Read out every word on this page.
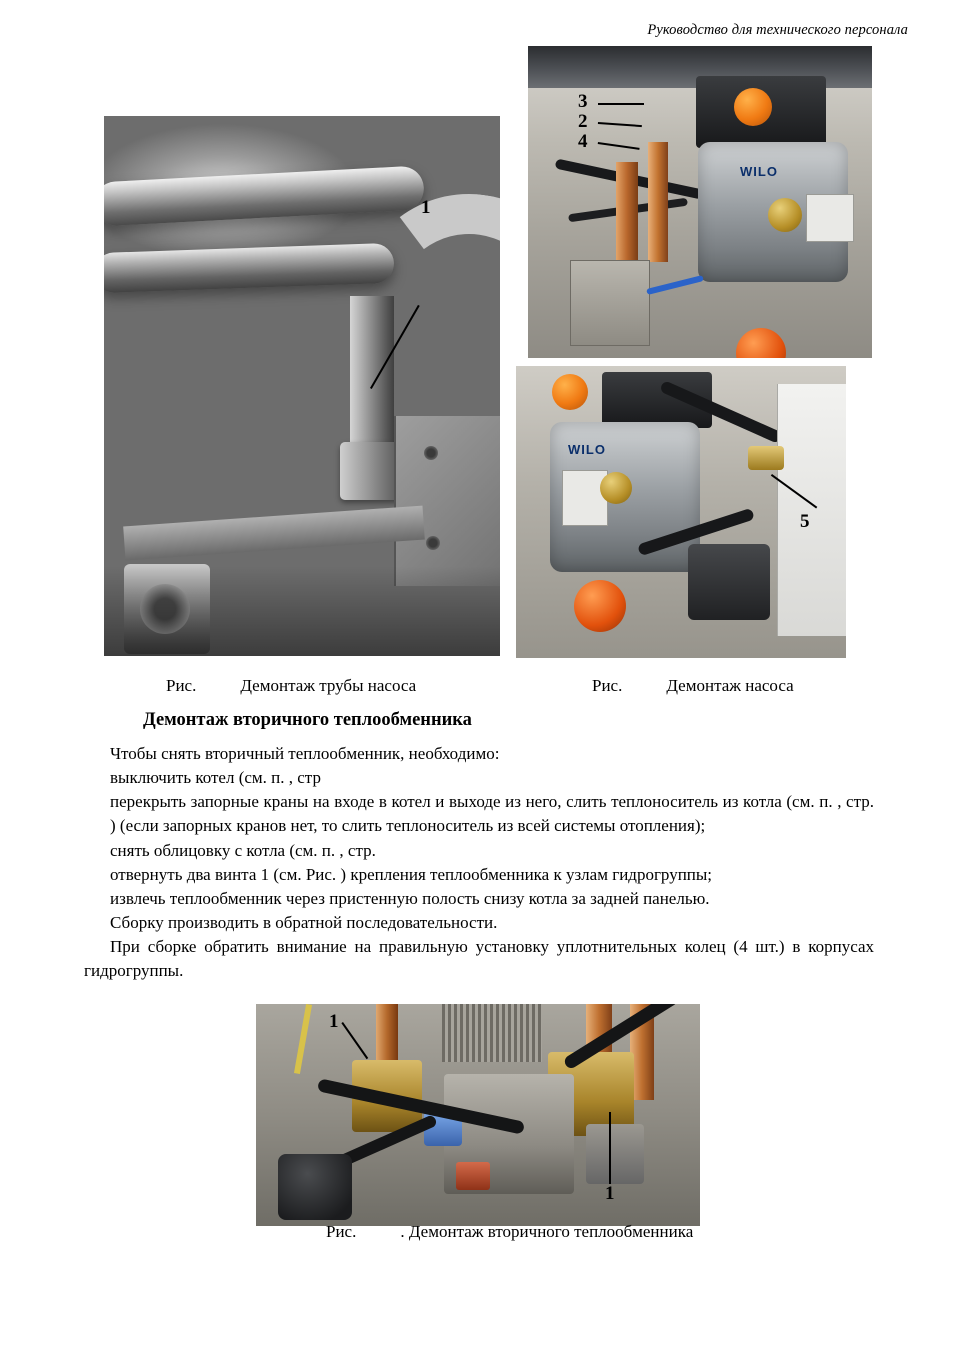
Руководство для технического персонала
1
WILO
3
2
4
WILO
5
Рис.	Демонтаж трубы насоса	Рис.	Демонтаж насоса
Демонтаж вторичного теплообменника

Чтобы снять вторичный теплообменник, необходимо:

выключить котел (см. п. , стр

перекрыть запорные краны на входе в котел и выходе из него, слить теплоноситель из котла (см. п. , стр. ) (если запорных кранов нет, то слить теплоноситель из всей системы отопления);

снять облицовку с котла (см. п. , стр.

отвернуть два винта 1 (см. Рис. ) крепления теплообменника к узлам гидрогруппы;

извлечь теплообменник через пристенную полость снизу котла за задней панелью.

Сборку производить в обратной последовательности.

При сборке обратить внимание на правильную установку уплотнительных колец (4 шт.) в корпусах гидрогруппы.

1
1
Рис.	. Демонтаж вторичного теплообменника
